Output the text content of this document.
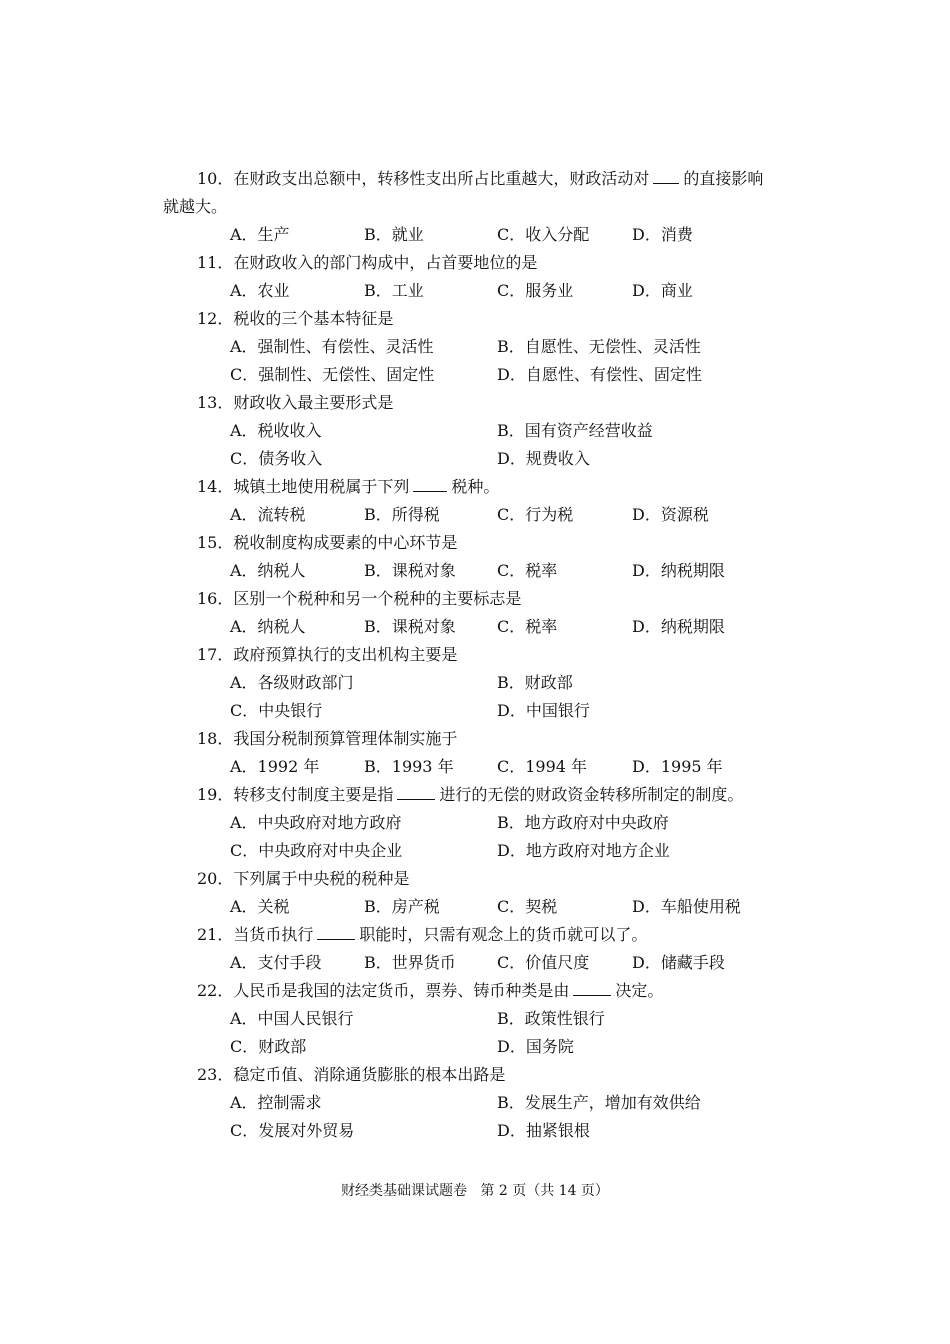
10．在财政支出总额中，转移性支出所占比重越大，财政活动对 的直接影响
就越大。
A．生产	B．就业	C．收入分配	D．消费
11．在财政收入的部门构成中，占首要地位的是
A．农业	B．工业	C．服务业	D．商业
12．税收的三个基本特征是
A．强制性、有偿性、灵活性	B．自愿性、无偿性、灵活性
C．强制性、无偿性、固定性	D．自愿性、有偿性、固定性
13．财政收入最主要形式是
A．税收收入	B．国有资产经营收益
C．债务收入	D．规费收入
14．城镇土地使用税属于下列	税种。
A．流转税	B．所得税	C．行为税	D．资源税
15．税收制度构成要素的中心环节是
A．纳税人	B．课税对象	C．税率	D．纳税期限
16．区别一个税种和另一个税种的主要标志是
A．纳税人	B．课税对象	C．税率	D．纳税期限
17．政府预算执行的支出机构主要是
A．各级财政部门	B．财政部
C．中央银行	D．中国银行
18．我国分税制预算管理体制实施于
A．1992 年	B．1993 年	C．1994 年	D．1995 年
19．转移支付制度主要是指	进行的无偿的财政资金转移所制定的制度。
A．中央政府对地方政府	B．地方政府对中央政府
C．中央政府对中央企业	D．地方政府对地方企业
20．下列属于中央税的税种是
A．关税	B．房产税	C．契税	D．车船使用税
21．当货币执行	职能时，只需有观念上的货币就可以了。
A．支付手段	B．世界货币	C．价值尺度	D．储藏手段
22．人民币是我国的法定货币，票券、铸币种类是由	决定。
A．中国人民银行	B．政策性银行
C．财政部	D．国务院
23．稳定币值、消除通货膨胀的根本出路是
A．控制需求	B．发展生产，增加有效供给
C．发展对外贸易	D．抽紧银根
财经类基础课试题卷   第 2 页（共 14 页）
